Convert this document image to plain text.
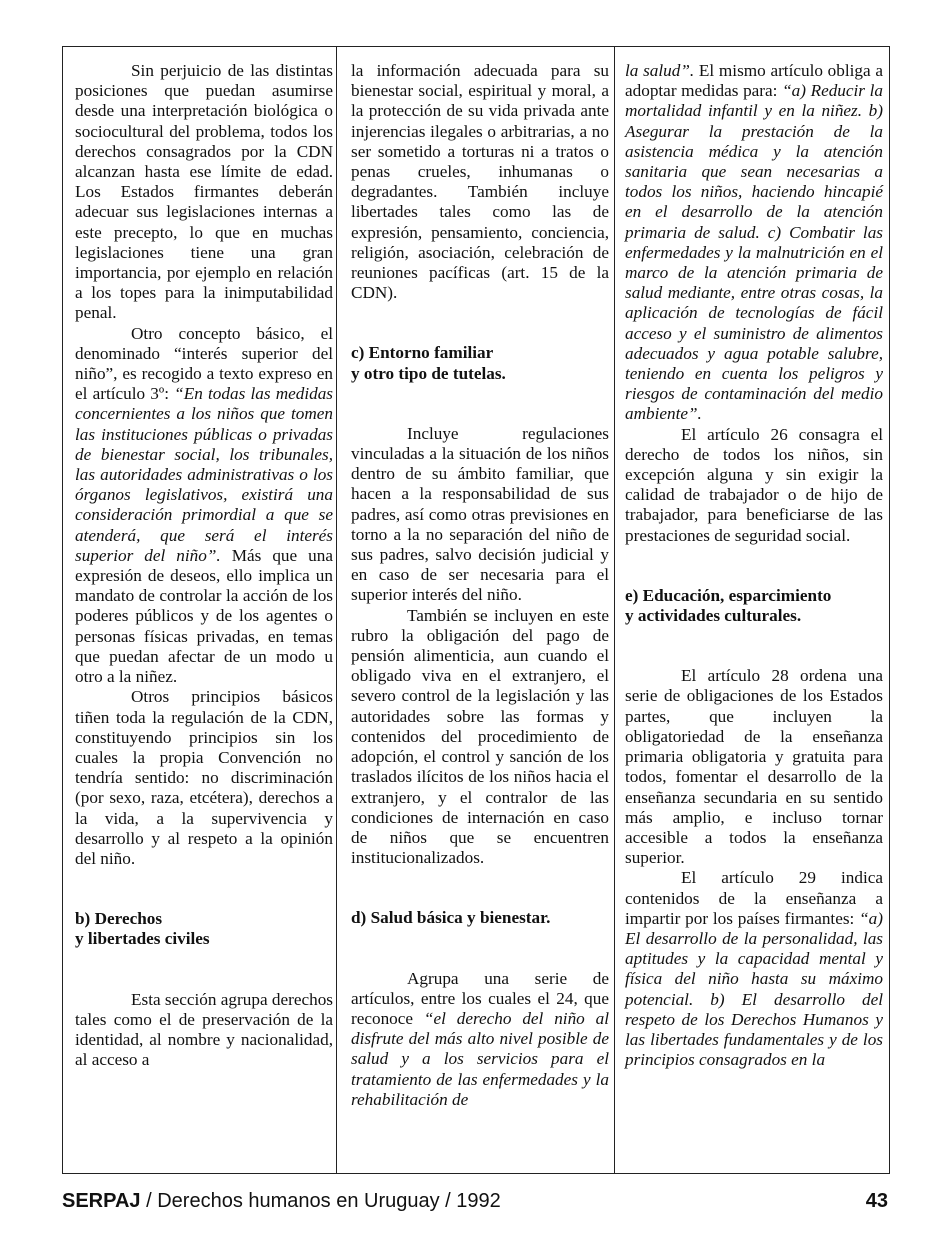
Sin perjuicio de las distintas posiciones que puedan asumirse desde una interpretación biológica o sociocultural del problema, todos los derechos consagrados por la CDN alcanzan hasta ese límite de edad. Los Estados firmantes deberán adecuar sus legislaciones internas a este precepto, lo que en muchas legislaciones tiene una gran importancia, por ejemplo en relación a los topes para la inimputabilidad penal.

Otro concepto básico, el denominado “interés superior del niño”, es recogido a texto expreso en el artículo 3º: “En todas las medidas concernientes a los niños que tomen las instituciones públicas o privadas de bienestar social, los tribunales, las autoridades administrativas o los órganos legislativos, existirá una consideración primordial a que se atenderá, que será el interés superior del niño”. Más que una expresión de deseos, ello implica un mandato de controlar la acción de los poderes públicos y de los agentes o personas físicas privadas, en temas que puedan afectar de un modo u otro a la niñez.

Otros principios básicos tiñen toda la regulación de la CDN, constituyendo principios sin los cuales la propia Convención no tendría sentido: no discriminación (por sexo, raza, etcétera), derechos a la vida, a la supervivencia y desarrollo y al respeto a la opinión del niño.

b) Derechos
y libertades civiles

Esta sección agrupa derechos tales como el de preservación de la identidad, al nombre y nacionalidad, al acceso a

la información adecuada para su bienestar social, espiritual y moral, a la protección de su vida privada ante injerencias ilegales o arbitrarias, a no ser sometido a torturas ni a tratos o penas crueles, inhumanas o degradantes. También incluye libertades tales como las de expresión, pensamiento, conciencia, religión, asociación, celebración de reuniones pacíficas (art. 15 de la CDN).

c) Entorno familiar
y otro tipo de tutelas.

Incluye regulaciones vinculadas a la situación de los niños dentro de su ámbito familiar, que hacen a la responsabilidad de sus padres, así como otras previsiones en torno a la no separación del niño de sus padres, salvo decisión judicial y en caso de ser necesaria para el superior interés del niño.

También se incluyen en este rubro la obligación del pago de pensión alimenticia, aun cuando el obligado viva en el extranjero, el severo control de la legislación y las autoridades sobre las formas y contenidos del procedimiento de adopción, el control y sanción de los traslados ilícitos de los niños hacia el extranjero, y el contralor de las condiciones de internación en caso de niños que se encuentren institucionalizados.

d) Salud básica y bienestar.

Agrupa una serie de artículos, entre los cuales el 24, que reconoce “el derecho del niño al disfrute del más alto nivel posible de salud y a los servicios para el tratamiento de las enfermedades y la rehabilitación de

la salud”. El mismo artículo obliga a adoptar medidas para: “a) Reducir la mortalidad infantil y en la niñez. b) Asegurar la prestación de la asistencia médica y la atención sanitaria que sean necesarias a todos los niños, haciendo hincapié en el desarrollo de la atención primaria de salud. c) Combatir las enfermedades y la malnutrición en el marco de la atención primaria de salud mediante, entre otras cosas, la aplicación de tecnologías de fácil acceso y el suministro de alimentos adecuados y agua potable salubre, teniendo en cuenta los peligros y riesgos de contaminación del medio ambiente”.

El artículo 26 consagra el derecho de todos los niños, sin excepción alguna y sin exigir la calidad de trabajador o de hijo de trabajador, para beneficiarse de las prestaciones de seguridad social.

e) Educación, esparcimiento
y actividades culturales.

El artículo 28 ordena una serie de obligaciones de los Estados partes, que incluyen la obligatoriedad de la enseñanza primaria obligatoria y gratuita para todos, fomentar el desarrollo de la enseñanza secundaria en su sentido más amplio, e incluso tornar accesible a todos la enseñanza superior.

El artículo 29 indica contenidos de la enseñanza a impartir por los países firmantes: “a) El desarrollo de la personalidad, las aptitudes y la capacidad mental y física del niño hasta su máximo potencial. b) El desarrollo del respeto de los Derechos Humanos y las libertades fundamentales y de los principios consagrados en la

SERPAJ / Derechos humanos en Uruguay / 1992	43
